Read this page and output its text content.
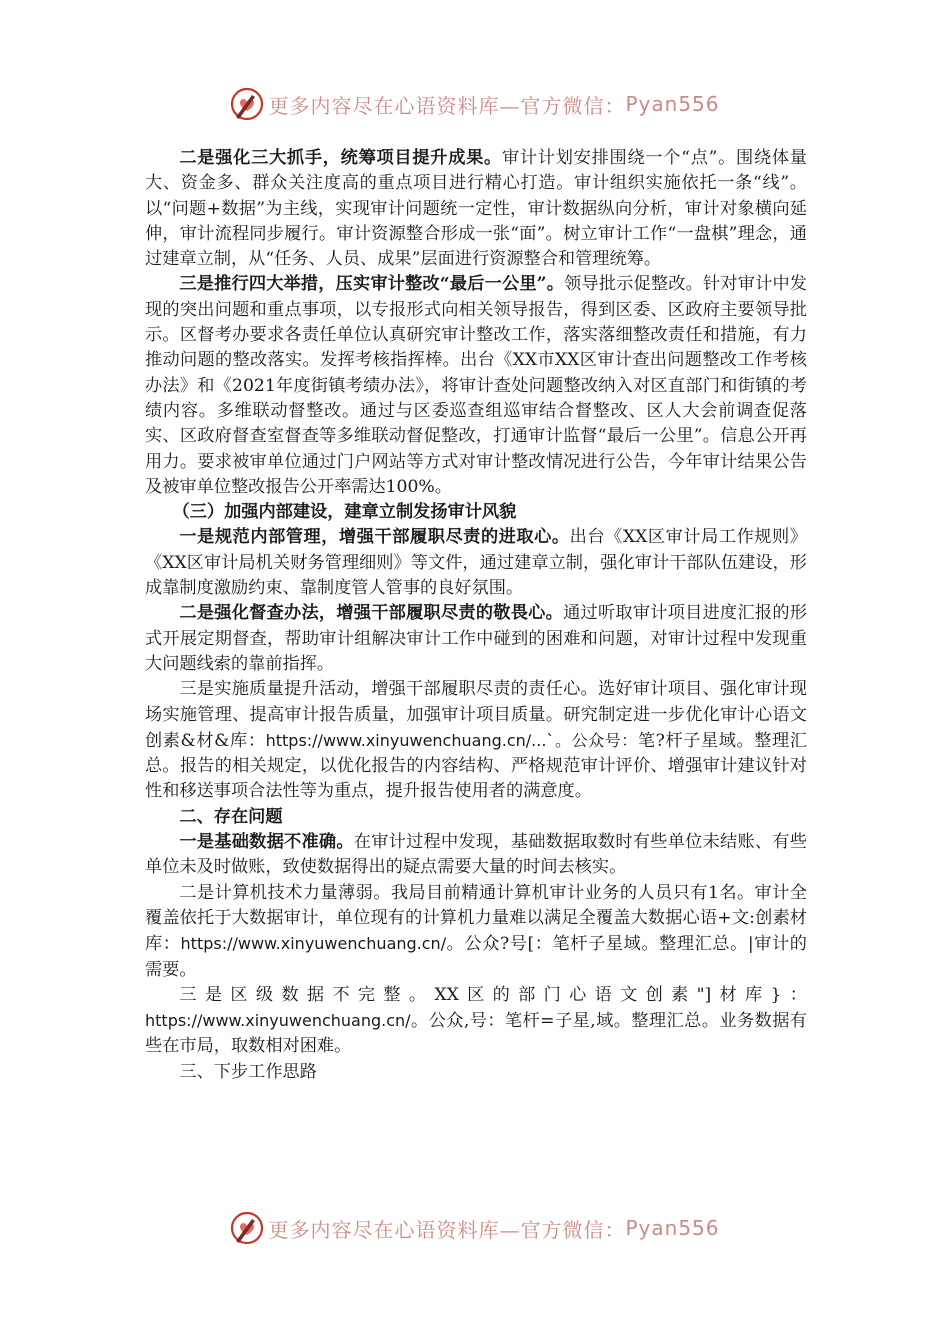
更多内容尽在心语资料库—官方微信： Pyan556

二是强化三大抓手，统筹项目提升成果。审计计划安排围绕一个“点”。围绕体量大、资金多、群众关注度高的重点项目进行精心打造。审计组织实施依托一条“线”。以“问题+数据”为主线，实现审计问题统一定性，审计数据纵向分析，审计对象横向延伸，审计流程同步履行。审计资源整合形成一张“面”。树立审计工作“一盘棋”理念，通过建章立制，从“任务、人员、成果”层面进行资源整合和管理统筹。

三是推行四大举措，压实审计整改“最后一公里”。领导批示促整改。针对审计中发现的突出问题和重点事项，以专报形式向相关领导报告，得到区委、区政府主要领导批示。区督考办要求各责任单位认真研究审计整改工作，落实落细整改责任和措施，有力推动问题的整改落实。发挥考核指挥棒。出台《XX市XX区审计查出问题整改工作考核办法》和《2021年度街镇考绩办法》，将审计查处问题整改纳入对区直部门和街镇的考绩内容。多维联动督整改。通过与区委巡查组巡审结合督整改、区人大会前调查促落实、区政府督查室督查等多维联动督促整改，打通审计监督“最后一公里”。信息公开再用力。要求被审单位通过门户网站等方式对审计整改情况进行公告，今年审计结果公告及被审单位整改报告公开率需达100%。

（三）加强内部建设，建章立制发扬审计风貌

一是规范内部管理，增强干部履职尽责的进取心。出台《XX区审计局工作规则》《XX区审计局机关财务管理细则》等文件，通过建章立制，强化审计干部队伍建设，形成靠制度激励约束、靠制度管人管事的良好氛围。

二是强化督查办法，增强干部履职尽责的敬畏心。通过听取审计项目进度汇报的形式开展定期督查，帮助审计组解决审计工作中碰到的困难和问题，对审计过程中发现重大问题线索的靠前指挥。

三是实施质量提升活动，增强干部履职尽责的责任心。选好审计项目、强化审计现场实施管理、提高审计报告质量，加强审计项目质量。研究制定进一步优化审计心语文创素&材&库：https://www.xinyuwenchuang.cn/...`。公众号：笔?杆子星域。整理汇总。报告的相关规定，以优化报告的内容结构、严格规范审计评价、增强审计建议针对性和移送事项合法性等为重点，提升报告使用者的满意度。

二、存在问题

一是基础数据不准确。在审计过程中发现，基础数据取数时有些单位未结账、有些单位未及时做账，致使数据得出的疑点需要大量的时间去核实。

二是计算机技术力量薄弱。我局目前精通计算机审计业务的人员只有1名。审计全覆盖依托于大数据审计，单位现有的计算机力量难以满足全覆盖大数据心语+文:创素材库：https://www.xinyuwenchuang.cn/。公众?号[：笔杆子星域。整理汇总。|审计的需要。

三是区级数据不完整。XX区的部门心语文创素"]材库}：https://www.xinyuwenchuang.cn/。公众,号：笔杆=子星,域。整理汇总。业务数据有些在市局，取数相对困难。

三、下步工作思路

更多内容尽在心语资料库—官方微信： Pyan556
